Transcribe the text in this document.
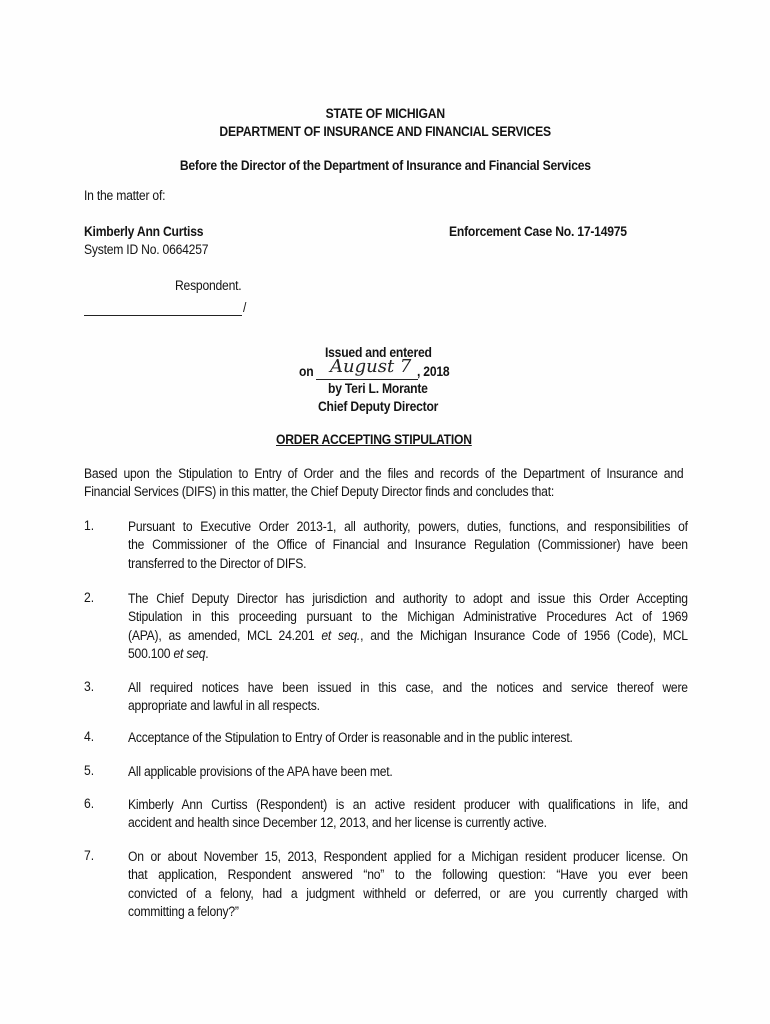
STATE OF MICHIGAN
DEPARTMENT OF INSURANCE AND FINANCIAL SERVICES
Before the Director of the Department of Insurance and Financial Services
In the matter of:
Kimberly Ann Curtiss
System ID No. 0664257
Enforcement Case No. 17-14975
Respondent.
/
Issued and entered
on August 7 , 2018
by Teri L. Morante
Chief Deputy Director
ORDER ACCEPTING STIPULATION
Based upon the Stipulation to Entry of Order and the files and records of the Department of Insurance and
Financial Services (DIFS) in this matter, the Chief Deputy Director finds and concludes that:
1.	Pursuant to Executive Order 2013-1, all authority, powers, duties, functions, and responsibilities of
the Commissioner of the Office of Financial and Insurance Regulation (Commissioner) have been
transferred to the Director of DIFS.
2.	The Chief Deputy Director has jurisdiction and authority to adopt and issue this Order Accepting
Stipulation in this proceeding pursuant to the Michigan Administrative Procedures Act of 1969
(APA), as amended, MCL 24.201 et seq., and the Michigan Insurance Code of 1956 (Code), MCL
500.100 et seq.
3.	All required notices have been issued in this case, and the notices and service thereof were
appropriate and lawful in all respects.
4.	Acceptance of the Stipulation to Entry of Order is reasonable and in the public interest.
5.	All applicable provisions of the APA have been met.
6.	Kimberly Ann Curtiss (Respondent) is an active resident producer with qualifications in life, and
accident and health since December 12, 2013, and her license is currently active.
7.	On or about November 15, 2013, Respondent applied for a Michigan resident producer license. On
that application, Respondent answered “no” to the following question: “Have you ever been
convicted of a felony, had a judgment withheld or deferred, or are you currently charged with
committing a felony?”
